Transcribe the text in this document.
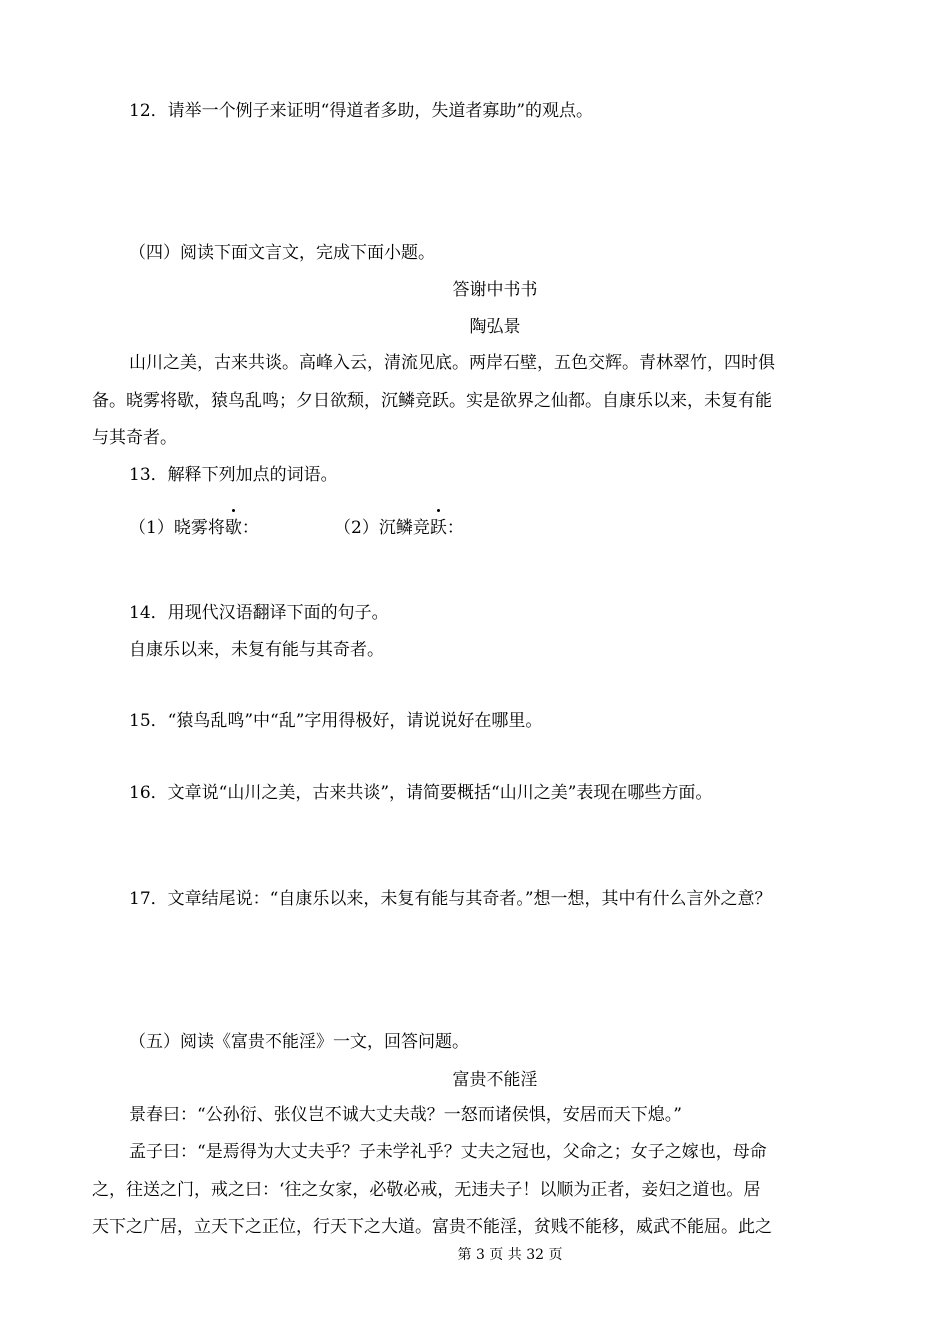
12．请举一个例子来证明“得道者多助，失道者寡助”的观点。
（四）阅读下面文言文，完成下面小题。
答谢中书书
陶弘景
山川之美，古来共谈。高峰入云，清流见底。两岸石壁，五色交辉。青林翠竹，四时俱
备。晓雾将歇，猿鸟乱鸣；夕日欲颓，沉鳞竞跃。实是欲界之仙都。自康乐以来，未复有能
与其奇者。
13．解释下列加点的词语。
（1）晓雾将歇：	（2）沉鳞竞跃：
14．用现代汉语翻译下面的句子。
自康乐以来，未复有能与其奇者。
15．“猿鸟乱鸣”中“乱”字用得极好，请说说好在哪里。
16．文章说“山川之美，古来共谈”，请简要概括“山川之美”表现在哪些方面。
17．文章结尾说：“自康乐以来，未复有能与其奇者。”想一想，其中有什么言外之意？
（五）阅读《富贵不能淫》一文，回答问题。
富贵不能淫
景春曰：“公孙衍、张仪岂不诚大丈夫哉？一怒而诸侯惧，安居而天下熄。”
孟子曰：“是焉得为大丈夫乎？子未学礼乎？丈夫之冠也，父命之；女子之嫁也，母命
之，往送之门，戒之曰：‘往之女家，必敬必戒，无违夫子！以顺为正者，妾妇之道也。居
天下之广居，立天下之正位，行天下之大道。富贵不能淫，贫贱不能移，威武不能屈。此之
第 3 页 共 32 页
